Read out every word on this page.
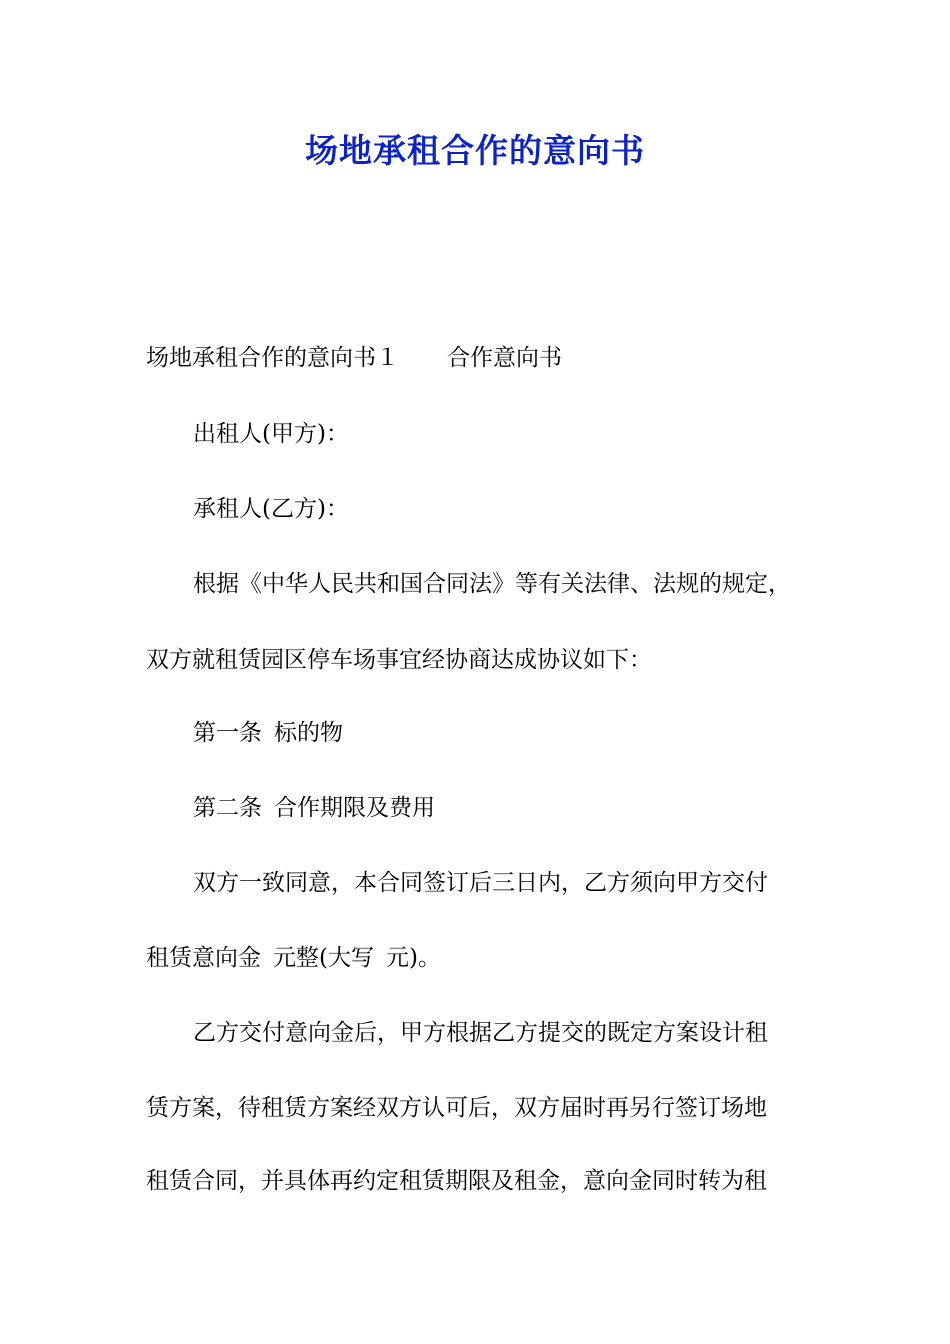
场地承租合作的意向书

场地承租合作的意向书１ 合作意向书

出租人(甲方)：

承租人(乙方)：

根据《中华人民共和国合同法》等有关法律、法规的规定，

双方就租赁园区停车场事宜经协商达成协议如下：

第一条 标的物

第二条 合作期限及费用

双方一致同意，本合同签订后三日内，乙方须向甲方交付

租赁意向金 元整(大写 元)。

乙方交付意向金后，甲方根据乙方提交的既定方案设计租

赁方案，待租赁方案经双方认可后，双方届时再另行签订场地

租赁合同，并具体再约定租赁期限及租金，意向金同时转为租
